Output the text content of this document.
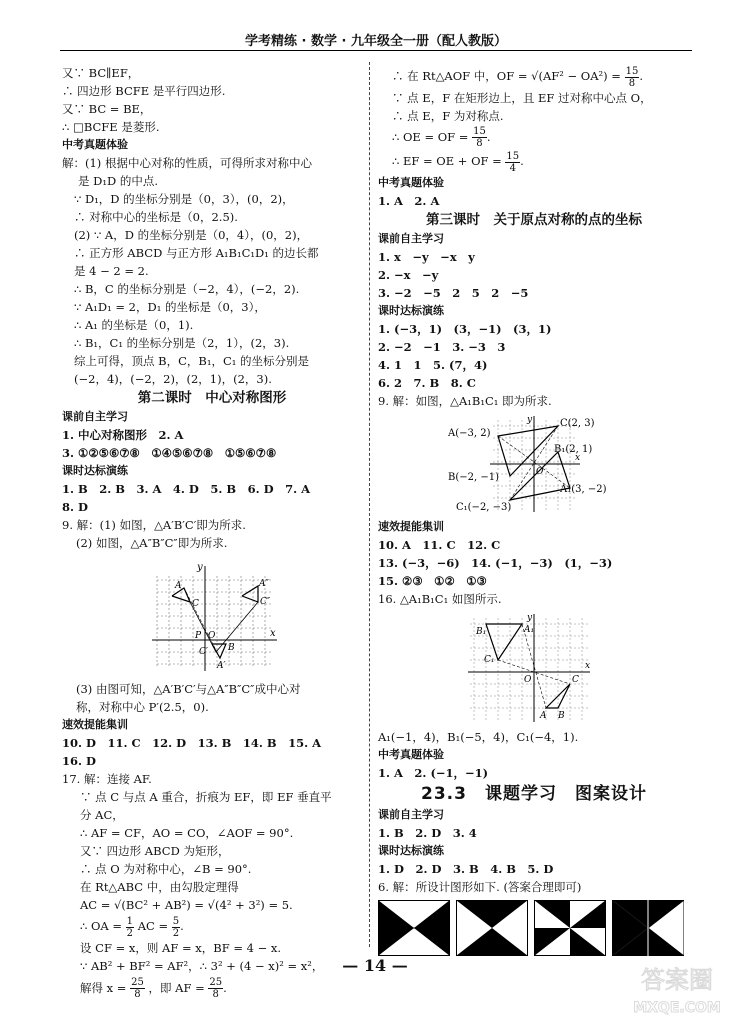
学考精练 · 数学 · 九年级全一册（配人教版）
又∵ BC∥EF，
∴ 四边形 BCFE 是平行四边形.
又∵ BC = BE，
∴ □BCFE 是菱形.
中考真题体验
解：(1) 根据中心对称的性质，可得所求对称中心
是 D₁D 的中点.
∵ D₁，D 的坐标分别是（0，3），(0，2)，
∴ 对称中心的坐标是（0，2.5).
(2) ∵ A，D 的坐标分别是（0，4），(0，2)，
∴ 正方形 ABCD 与正方形 A₁B₁C₁D₁ 的边长都
是 4 − 2 = 2.
∴ B，C 的坐标分别是（−2，4），(−2，2).
∵ A₁D₁ = 2，D₁ 的坐标是（0，3），
∴ A₁ 的坐标是（0，1).
∴ B₁，C₁ 的坐标分别是（2，1），(2，3).
综上可得，顶点 B，C，B₁，C₁ 的坐标分别是
(−2，4)，(−2，2)，(2，1)，(2，3).
第二课时　中心对称图形
课前自主学习
1. 中心对称图形　2. A
3. ①②⑤⑥⑦⑧　①④⑤⑥⑦⑧　①⑤⑥⑦⑧
课时达标演练
1. B　2. B　3. A　4. D　5. B　6. D　7. A
8. D
9. 解：(1) 如图，△A′B′C′即为所求.
(2) 如图，△A″B″C″即为所求.
y
x
A″
A
C	C″
P O
C′ B
A′
(3) 由图可知，△A′B′C′与△A″B″C″成中心对
称，对称中心 P′(2.5，0).
速效提能集训
10. D　11. C　12. D　13. B　14. B　15. A
16. D
17. 解：连接 AF.
∵ 点 C 与点 A 重合，折痕为 EF，即 EF 垂直平
分 AC，
∴ AF = CF，AO = CO，∠AOF = 90°.
又∵ 四边形 ABCD 为矩形，
∴ 点 O 为对称中心，∠B = 90°.
在 Rt△ABC 中，由勾股定理得
AC = √(BC² + AB²) = √(4² + 3²) = 5.
∴ OA = $\frac{1}{2}$ AC = $\frac{5}{2}$ .
设 CF = x，则 AF = x，BF = 4 − x.
∵ AB² + BF² = AF²，∴ 3² + (4 − x)² = x²，
解得 $x = \frac{25}{8}$ ，即 AF = $\frac{25}{8}$ .
∴ 在 Rt△AOF 中，OF = $√(AF^2 - OA^2) = \frac{15}{8}$ .
∵ 点 E，F 在矩形边上，且 EF 过对称中心点 O，
∴ 点 E，F 为对称点.
∴ OE = OF = $\frac{15}{8}$ .
∴ EF = OE + OF = $\frac{15}{4}$ .
中考真题体验
1. A　2. A
第三课时　关于原点对称的点的坐标
课前自主学习
1. x　−y　−x　y
2. −x　−y
3. −2　−5　2　5　2　−5
课时达标演练
1. (−3，1)　(3，−1)　(3，1)
2. −2　−1　3. −3　3
4. 1　1　5. (7，4)
6. 2　7. B　8. C
9. 解：如图，△A₁B₁C₁ 即为所求.
A(−3, 2)
C(2, 3)
B₁(2, 1)
B(−2, −1)	O
A₁(3, −2)
C₁(−2, −3)
y
x
速效提能集训
10. A　11. C　12. C
13. (−3，−6)　14. (−1，−3)　(1，−3)
15. ②③　①②　①③
16. △A₁B₁C₁ 如图所示.
y
x
B₁	A₁
C₁
O
A B
C
A₁(−1，4)，B₁(−5，4)，C₁(−4，1).
中考真题体验
1. A　2. (−1，−1)
23.3　课题学习　图案设计
课前自主学习
1. B　2. D　3. 4
课时达标演练
1. D　2. D　3. B　4. B　5. D
6. 解：所设计图形如下. (答案合理即可)
— 14 —
答案圈
MXQE.COM
